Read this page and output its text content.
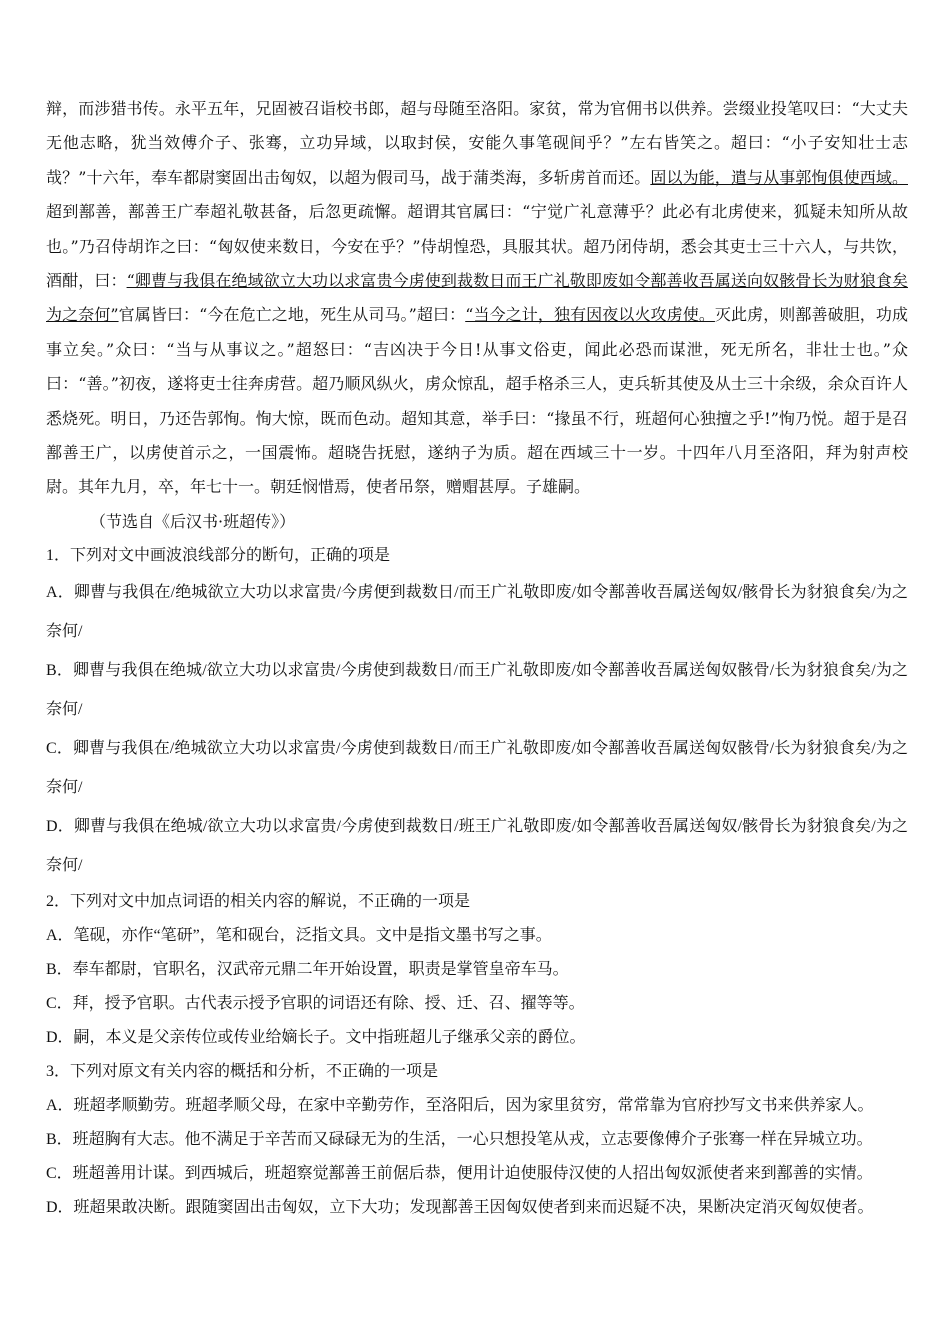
辩，而涉猎书传。永平五年，兄固被召诣校书郎，超与母随至洛阳。家贫，常为官佣书以供养。尝缀业投笔叹曰：“大丈夫无他志略，犹当效傅介子、张骞，立功异域，以取封侯，安能久事笔砚间乎？”左右皆笑之。超曰：“小子安知壮士志哉？”十六年，奉车都尉窦固出击匈奴，以超为假司马，战于蒲类海，多斩虏首而还。固以为能，遣与从事郭恂俱使西域。超到鄯善，鄯善王广奉超礼敬甚备，后忽更疏懈。超谓其官属曰：“宁觉广礼意薄乎？此必有北虏使来，狐疑未知所从故也。”乃召侍胡诈之曰：“匈奴使来数日，今安在乎？”侍胡惶恐，具服其状。超乃闭侍胡，悉会其吏士三十六人，与共饮，酒酣，曰：“卿曹与我俱在绝域欲立大功以求富贵今虏使到裁数日而王广礼敬即废如令鄯善收吾属送向奴骸骨长为财狼食矣为之奈何”官属皆曰：“今在危亡之地，死生从司马。”超曰：“当今之计，独有因夜以火攻虏使。灭此虏，则鄯善破胆，功成事立矣。”众曰：“当与从事议之。”超怒曰：“吉凶决于今日!从事文俗吏，闻此必恐而谋泄，死无所名，非壮士也。”众曰：“善。”初夜，遂将吏士往奔虏营。超乃顺风纵火，虏众惊乱，超手格杀三人，吏兵斩其使及从士三十余级，余众百许人悉烧死。明日，乃还告郭恂。恂大惊，既而色动。超知其意，举手曰：“掾虽不行，班超何心独擅之乎!”恂乃悦。超于是召鄯善王广，以虏使首示之，一国震怖。超晓告抚慰，遂纳子为质。超在西域三十一岁。十四年八月至洛阳，拜为射声校尉。其年九月，卒，年七十一。朝廷悯惜焉，使者吊祭，赠赗甚厚。子雄嗣。
（节选自《后汉书·班超传》）
1．下列对文中画波浪线部分的断句，正确的项是
A．卿曹与我俱在/绝城欲立大功以求富贵/今虏便到裁数日/而王广礼敬即废/如令鄯善收吾属送匈奴/骸骨长为豺狼食矣/为之奈何/
B．卿曹与我俱在绝城/欲立大功以求富贵/今虏使到裁数日/而王广礼敬即废/如令鄯善收吾属送匈奴骸骨/长为豺狼食矣/为之奈何/
C．卿曹与我俱在/绝城欲立大功以求富贵/今虏使到裁数日/而王广礼敬即废/如令鄯善收吾属送匈奴骸骨/长为豺狼食矣/为之奈何/
D．卿曹与我俱在绝城/欲立大功以求富贵/今虏使到裁数日/班王广礼敬即废/如令鄯善收吾属送匈奴/骸骨长为豺狼食矣/为之奈何/
2．下列对文中加点词语的相关内容的解说，不正确的一项是
A．笔砚，亦作“笔研”，笔和砚台，泛指文具。文中是指文墨书写之事。
B．奉车都尉，官职名，汉武帝元鼎二年开始设置，职责是掌管皇帝车马。
C．拜，授予官职。古代表示授予官职的词语还有除、授、迁、召、擢等等。
D．嗣，本义是父亲传位或传业给嫡长子。文中指班超儿子继承父亲的爵位。
3．下列对原文有关内容的概括和分析，不正确的一项是
A．班超孝顺勤劳。班超孝顺父母，在家中辛勤劳作，至洛阳后，因为家里贫穷，常常靠为官府抄写文书来供养家人。
B．班超胸有大志。他不满足于辛苦而又碌碌无为的生活，一心只想投笔从戎，立志要像傅介子张骞一样在异城立功。
C．班超善用计谋。到西城后，班超察觉鄯善王前倨后恭，便用计迫使服侍汉使的人招出匈奴派使者来到鄯善的实情。
D．班超果敢决断。跟随窦固出击匈奴，立下大功；发现鄯善王因匈奴使者到来而迟疑不决，果断决定消灭匈奴使者。
